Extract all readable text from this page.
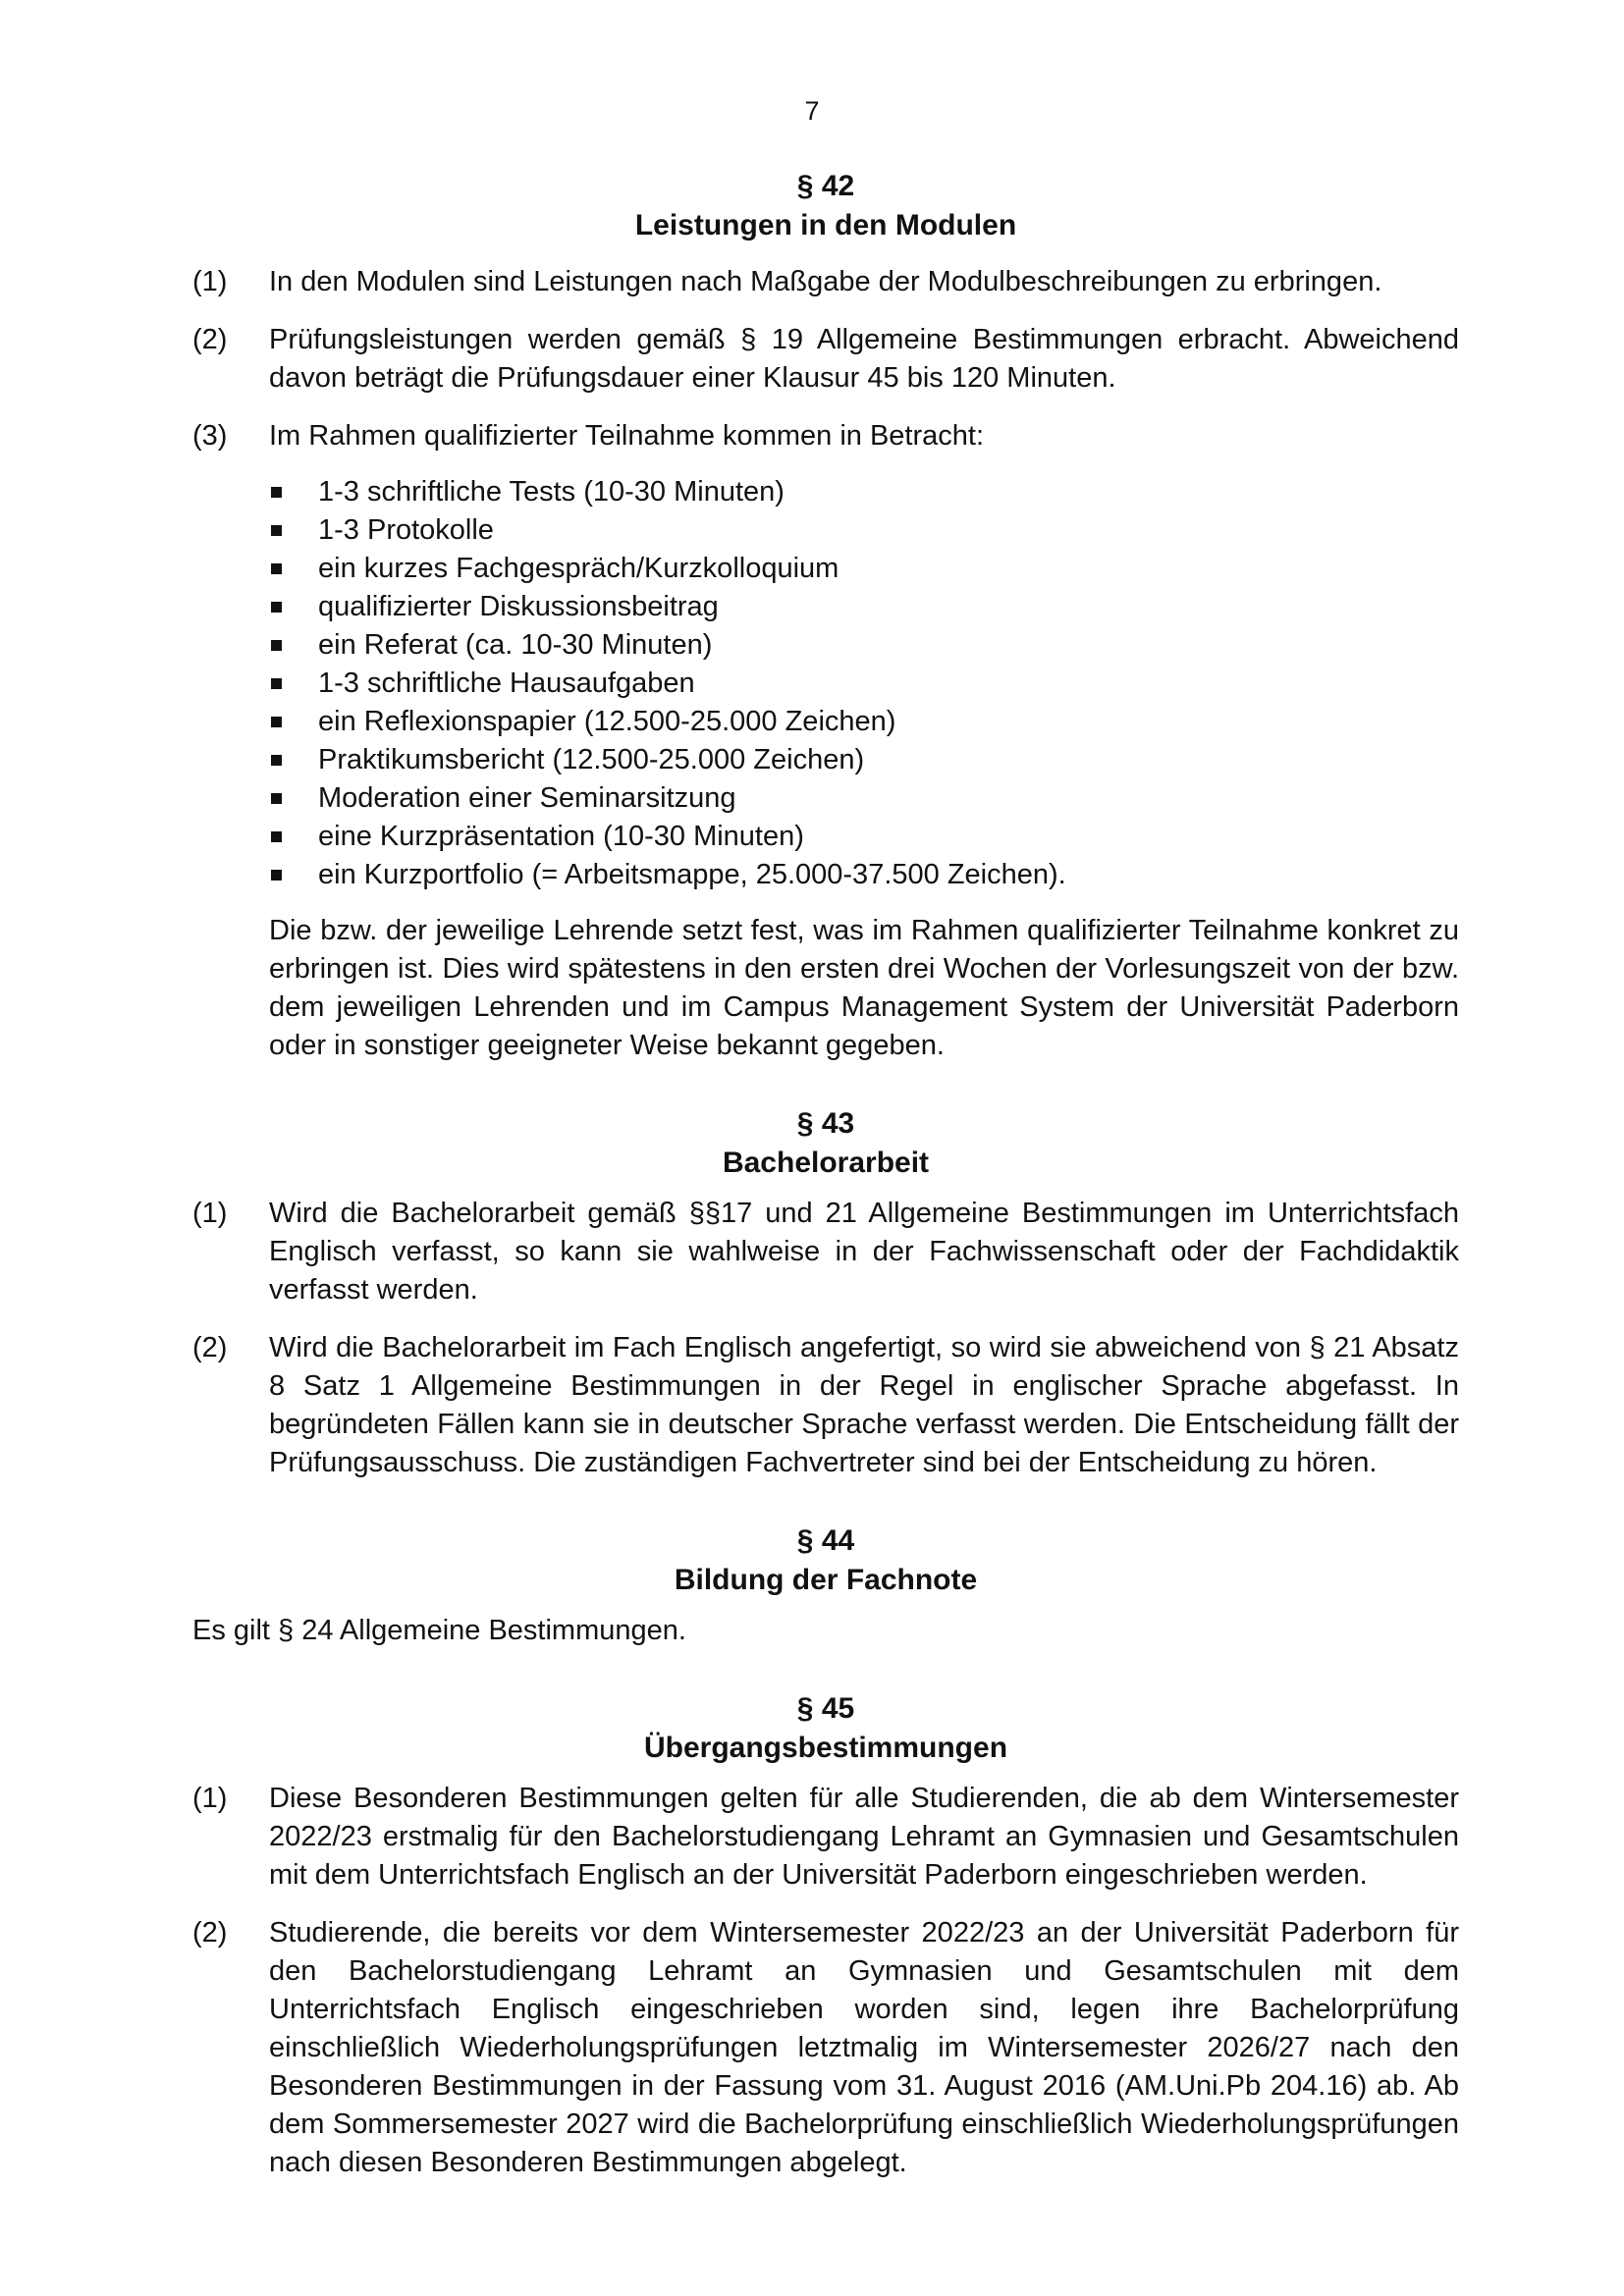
7
§ 42
Leistungen in den Modulen
(1) In den Modulen sind Leistungen nach Maßgabe der Modulbeschreibungen zu erbringen.
(2) Prüfungsleistungen werden gemäß § 19 Allgemeine Bestimmungen erbracht. Abweichend davon beträgt die Prüfungsdauer einer Klausur 45 bis 120 Minuten.
(3) Im Rahmen qualifizierter Teilnahme kommen in Betracht:
1-3 schriftliche Tests (10-30 Minuten)
1-3 Protokolle
ein kurzes Fachgespräch/Kurzkolloquium
qualifizierter Diskussionsbeitrag
ein Referat (ca. 10-30 Minuten)
1-3 schriftliche Hausaufgaben
ein Reflexionspapier (12.500-25.000 Zeichen)
Praktikumsbericht (12.500-25.000 Zeichen)
Moderation einer Seminarsitzung
eine Kurzpräsentation (10-30 Minuten)
ein Kurzportfolio (= Arbeitsmappe, 25.000-37.500 Zeichen).
Die bzw. der jeweilige Lehrende setzt fest, was im Rahmen qualifizierter Teilnahme konkret zu erbringen ist. Dies wird spätestens in den ersten drei Wochen der Vorlesungszeit von der bzw. dem jeweiligen Lehrenden und im Campus Management System der Universität Paderborn oder in sonstiger geeigneter Weise bekannt gegeben.
§ 43
Bachelorarbeit
(1) Wird die Bachelorarbeit gemäß §§17 und 21 Allgemeine Bestimmungen im Unterrichtsfach Englisch verfasst, so kann sie wahlweise in der Fachwissenschaft oder der Fachdidaktik verfasst werden.
(2) Wird die Bachelorarbeit im Fach Englisch angefertigt, so wird sie abweichend von § 21 Absatz 8 Satz 1 Allgemeine Bestimmungen in der Regel in englischer Sprache abgefasst. In begründeten Fällen kann sie in deutscher Sprache verfasst werden. Die Entscheidung fällt der Prüfungsausschuss. Die zuständigen Fachvertreter sind bei der Entscheidung zu hören.
§ 44
Bildung der Fachnote
Es gilt § 24 Allgemeine Bestimmungen.
§ 45
Übergangsbestimmungen
(1) Diese Besonderen Bestimmungen gelten für alle Studierenden, die ab dem Wintersemester 2022/23 erstmalig für den Bachelorstudiengang Lehramt an Gymnasien und Gesamtschulen mit dem Unterrichtsfach Englisch an der Universität Paderborn eingeschrieben werden.
(2) Studierende, die bereits vor dem Wintersemester 2022/23 an der Universität Paderborn für den Bachelorstudiengang Lehramt an Gymnasien und Gesamtschulen mit dem Unterrichtsfach Englisch eingeschrieben worden sind, legen ihre Bachelorprüfung einschließlich Wiederholungsprüfungen letztmalig im Wintersemester 2026/27 nach den Besonderen Bestimmungen in der Fassung vom 31. August 2016 (AM.Uni.Pb 204.16) ab. Ab dem Sommersemester 2027 wird die Bachelorprüfung einschließlich Wiederholungsprüfungen nach diesen Besonderen Bestimmungen abgelegt.
